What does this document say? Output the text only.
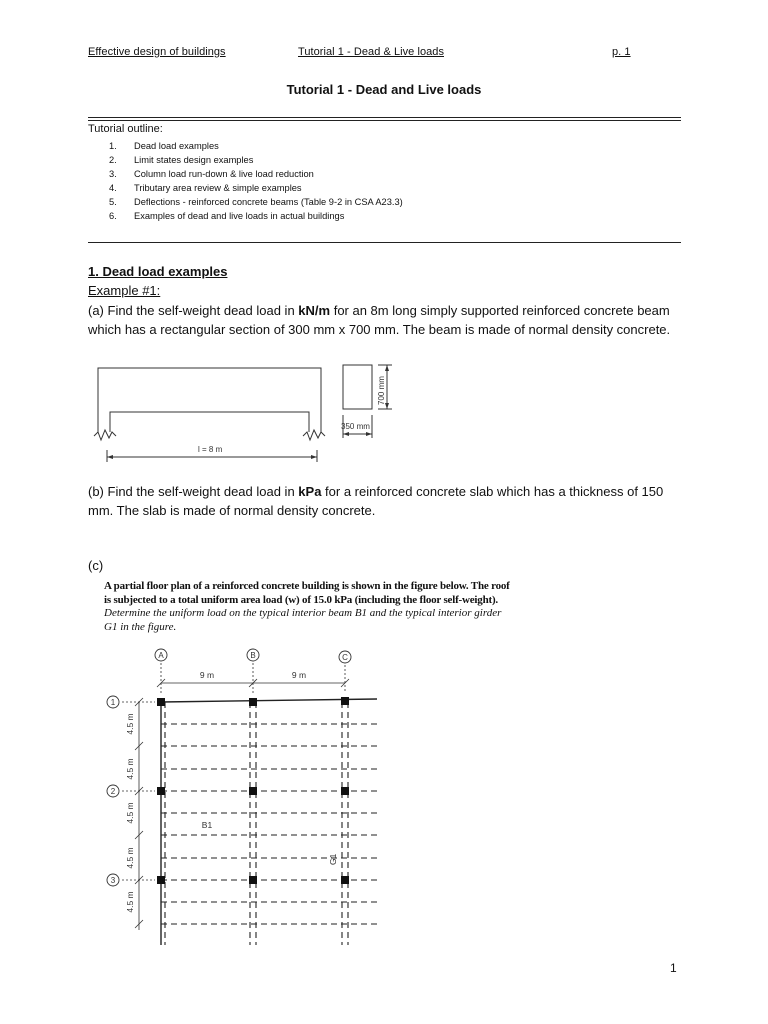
Effective design of buildings	Tutorial 1 - Dead & Live loads	p. 1
Tutorial 1 - Dead and Live loads
Tutorial outline:
1.	Dead load examples
2.	Limit states design examples
3.	Column load run-down & live load reduction
4.	Tributary area review & simple examples
5.	Deflections - reinforced concrete beams (Table 9-2 in CSA A23.3)
6.	Examples of dead and live loads in actual buildings
1. Dead load examples
Example #1:
(a) Find the self-weight dead load in kN/m for an 8m long simply supported reinforced concrete beam which has a rectangular section of 300 mm x 700 mm. The beam is made of normal density concrete.
l = 8 m
350 mm
700 mm
(b) Find the self-weight dead load in kPa for a reinforced concrete slab which has a thickness of 150 mm. The slab is made of normal density concrete.
(c)
A partial floor plan of a reinforced concrete building is shown in the figure below. The roof
is subjected to a total uniform area load (w) of 15.0 kPa (including the floor self-weight).
Determine the uniform load on the typical interior beam B1 and the typical interior girder
G1 in the figure.
A	B	C
1
2
3
9 m	9 m
4.5 m
4.5 m
4.5 m
4.5 m
4.5 m
B1
G1
1
